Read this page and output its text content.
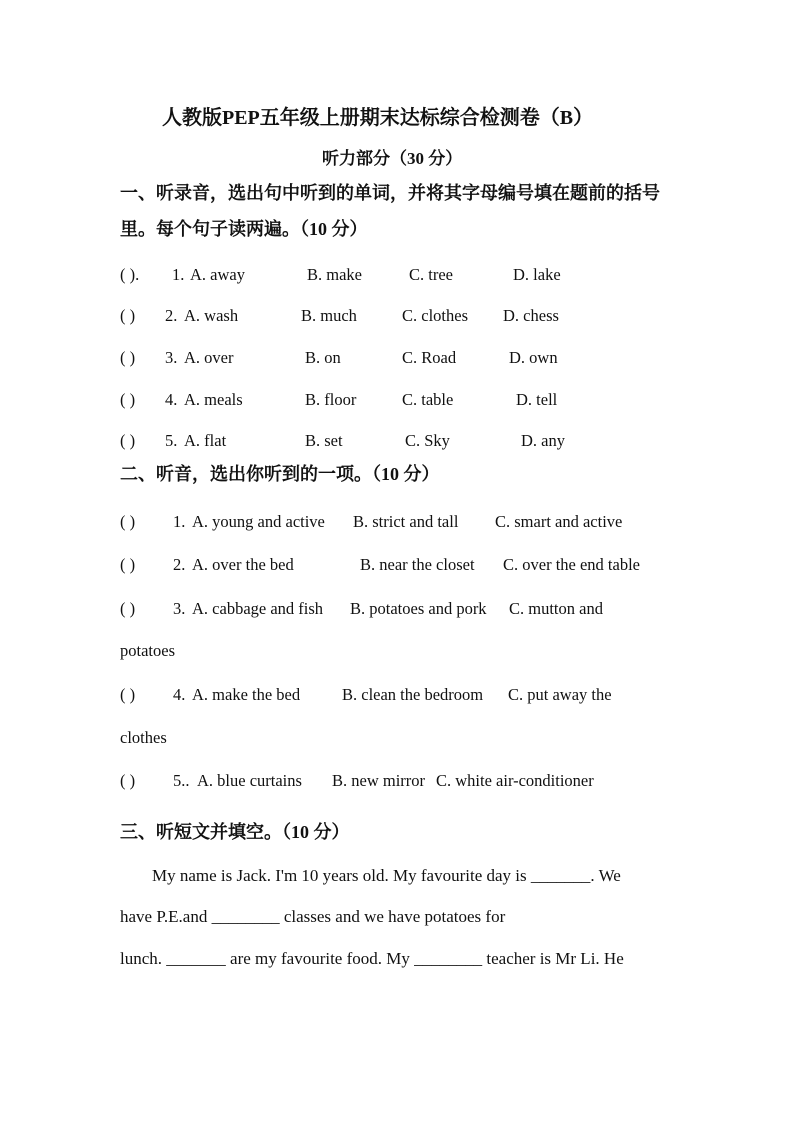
人教版PEP五年级上册期末达标综合检测卷（B）
听力部分（30 分）
一、听录音，选出句中听到的单词，并将其字母编号填在题前的括号
里。每个句子读两遍。（10 分）
( ). 1. A. away	B. make	C. tree	D. lake
( ) 2. A. wash	B. much	C. clothes D. chess
( ) 3. A. over	B. on	C. Road	D. own
( ) 4. A. meals	B. floor	C. table	D. tell
( ) 5. A. flat	B. set	C. Sky	D. any
二、听音，选出你听到的一项。（10 分）
( ) 1. A. young and active B. strict and tall C. smart and active
( ) 2. A. over the bed	B. near the closet C. over the end table
( ) 3. A. cabbage and fish B. potatoes and pork C. mutton and
potatoes
( ) 4. A. make the bed	B. clean the bedroom C. put away the
clothes
( ) 5.. A. blue curtains B. new mirror C. white air-conditioner
三、听短文并填空。（10 分）
My name is Jack. I'm 10 years old. My favourite day is _______. We
have P.E.and ________ classes and we have potatoes for
lunch. _______ are my favourite food. My ________ teacher is Mr Li. He
